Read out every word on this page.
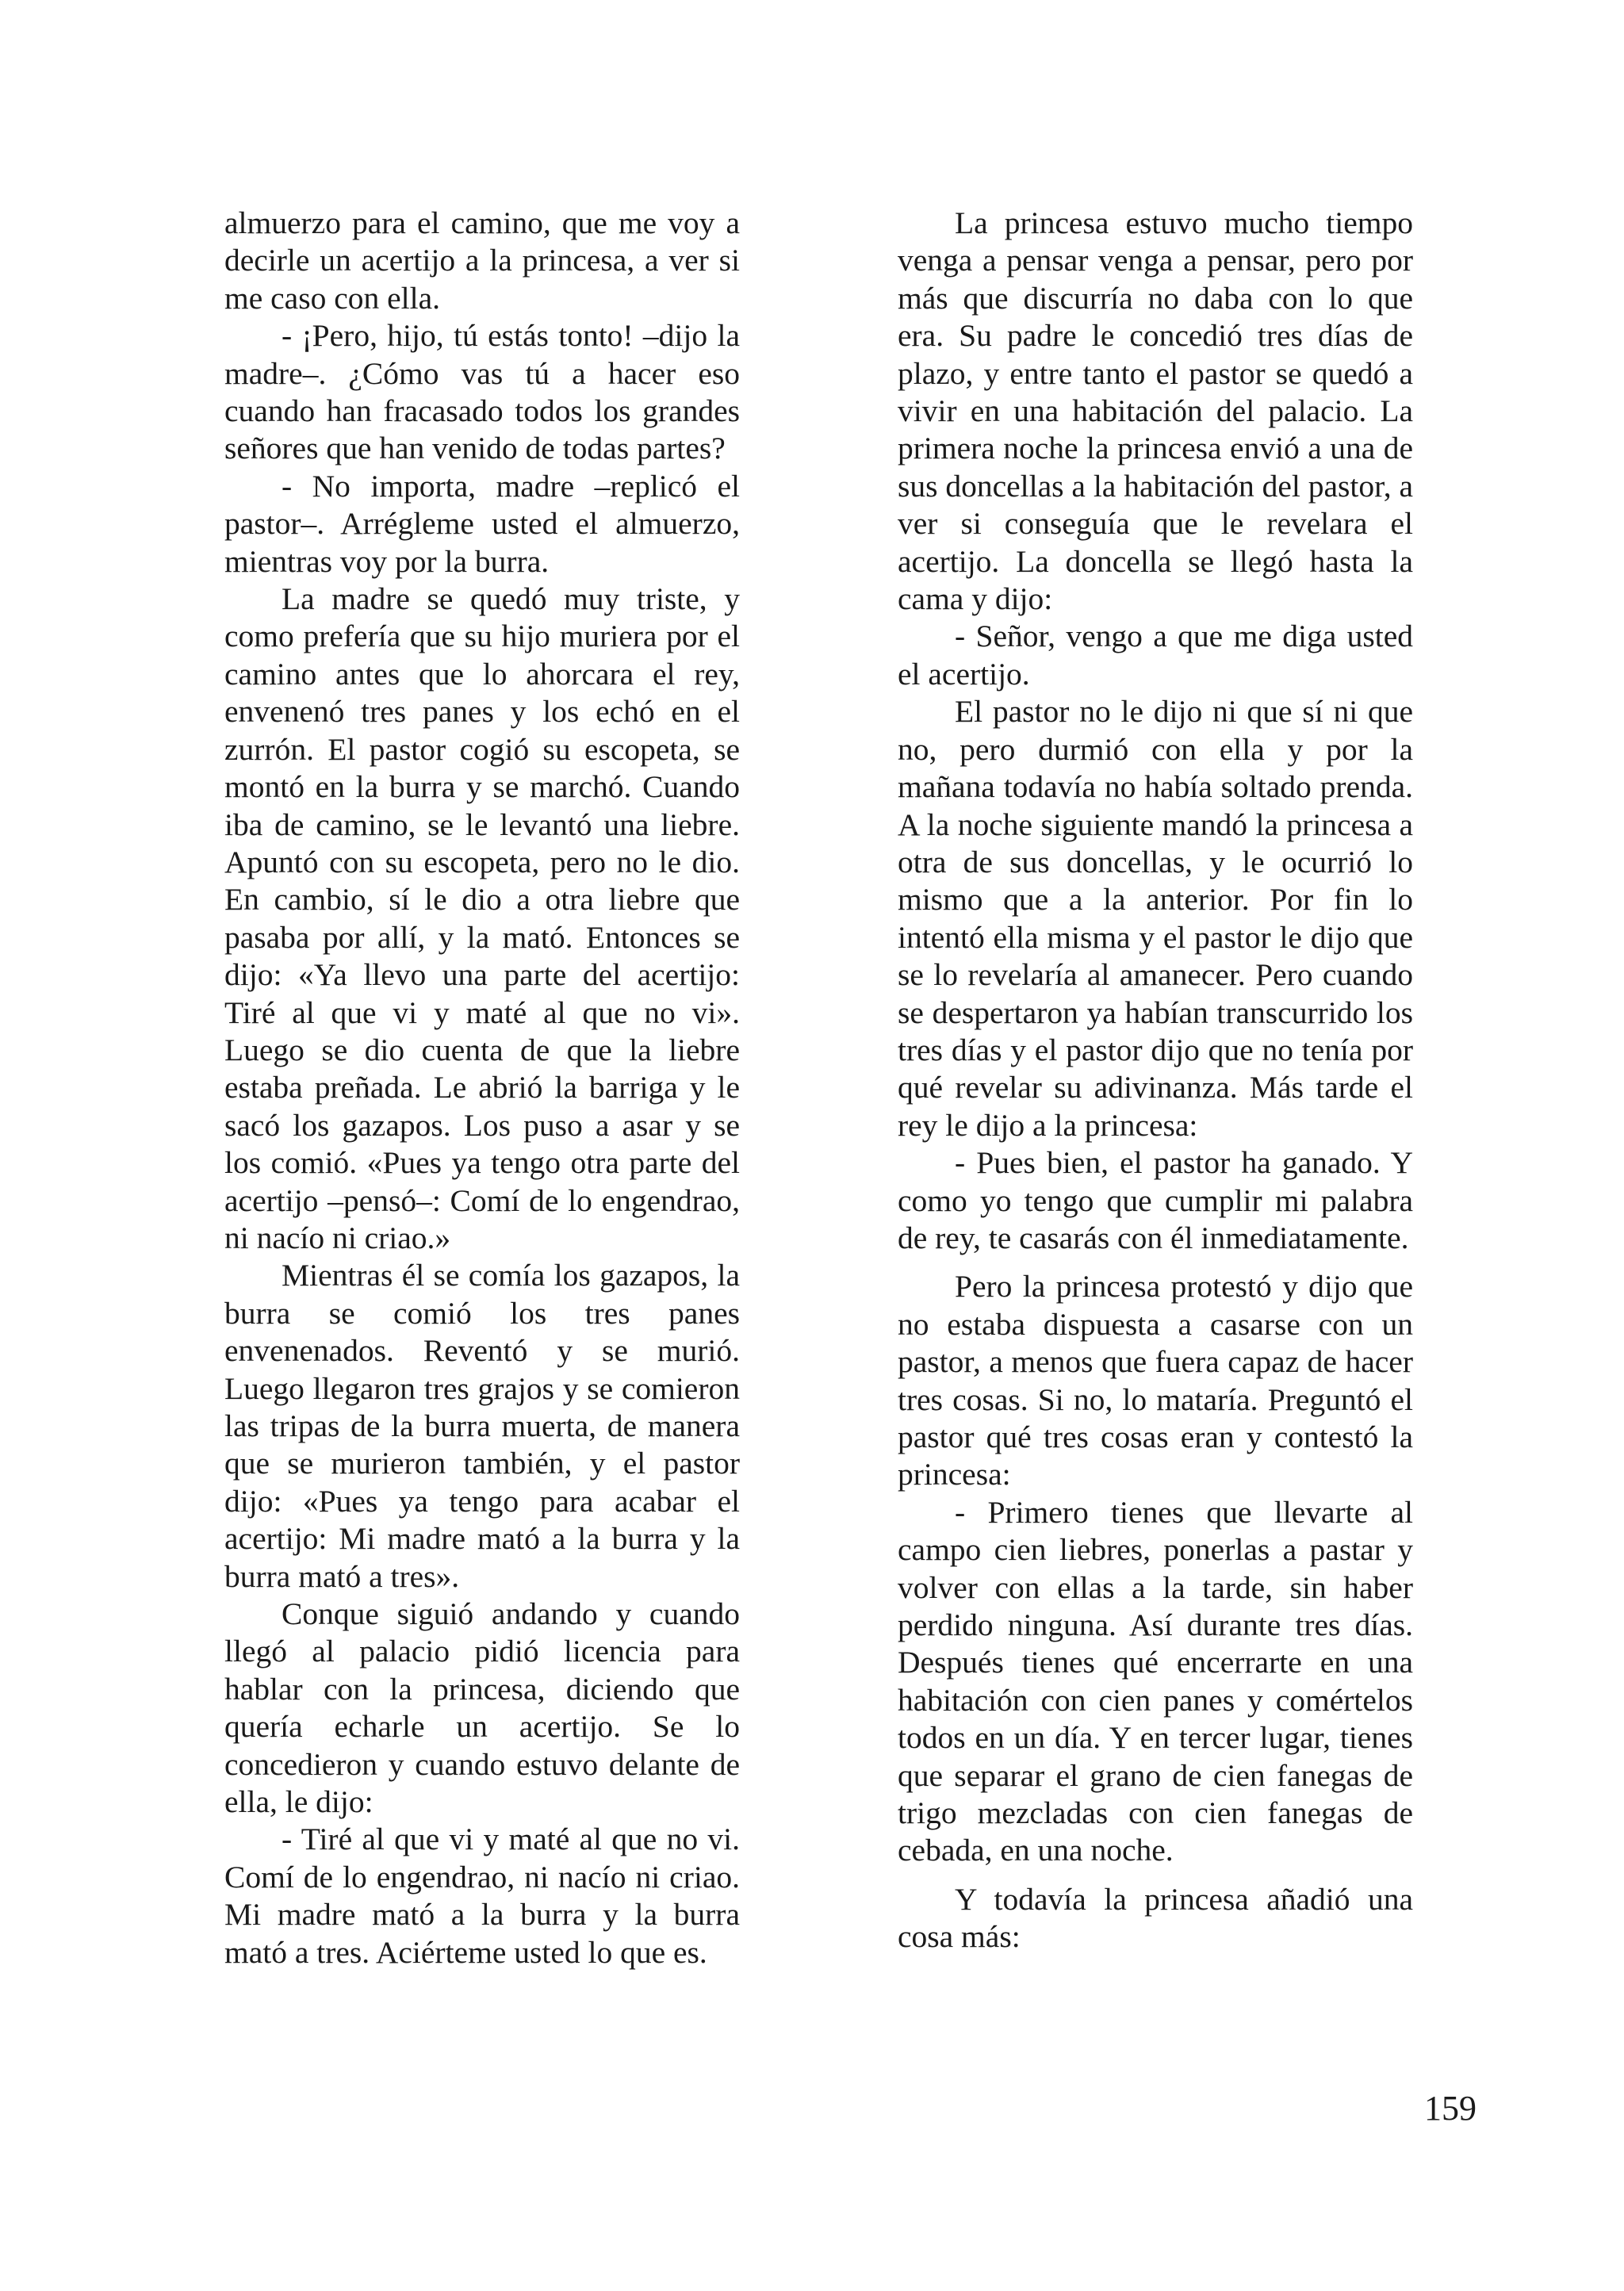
almuerzo para el camino, que me voy a decirle un acertijo a la princesa, a ver si me caso con ella.

- ¡Pero, hijo, tú estás tonto! –dijo la madre–. ¿Cómo vas tú a hacer eso cuando han fracasado todos los grandes señores que han venido de todas partes?

- No importa, madre –replicó el pastor–. Arrégleme usted el almuerzo, mientras voy por la burra.

La madre se quedó muy triste, y como prefería que su hijo muriera por el camino antes que lo ahorcara el rey, envenenó tres panes y los echó en el zurrón. El pastor cogió su escopeta, se montó en la burra y se marchó. Cuando iba de camino, se le levantó una liebre. Apuntó con su escopeta, pero no le dio. En cambio, sí le dio a otra liebre que pasaba por allí, y la mató. Entonces se dijo: «Ya llevo una parte del acertijo: Tiré al que vi y maté al que no vi». Luego se dio cuenta de que la liebre estaba preñada. Le abrió la barriga y le sacó los gazapos. Los puso a asar y se los comió. «Pues ya tengo otra parte del acertijo –pensó–: Comí de lo engendrao, ni nacío ni criao.»

Mientras él se comía los gazapos, la burra se comió los tres panes envenenados. Reventó y se murió. Luego llegaron tres grajos y se comieron las tripas de la burra muerta, de manera que se murieron también, y el pastor dijo: «Pues ya tengo para acabar el acertijo: Mi madre mató a la burra y la burra mató a tres».

Conque siguió andando y cuando llegó al palacio pidió licencia para hablar con la princesa, diciendo que quería echarle un acertijo. Se lo concedieron y cuando estuvo delante de ella, le dijo:

- Tiré al que vi y maté al que no vi. Comí de lo engendrao, ni nacío ni criao. Mi madre mató a la burra y la burra mató a tres. Aciérteme usted lo que es.

La princesa estuvo mucho tiempo venga a pensar venga a pensar, pero por más que discurría no daba con lo que era. Su padre le concedió tres días de plazo, y entre tanto el pastor se quedó a vivir en una habitación del palacio. La primera noche la princesa envió a una de sus doncellas a la habitación del pastor, a ver si conseguía que le revelara el acertijo. La doncella se llegó hasta la cama y dijo:

- Señor, vengo a que me diga usted el acertijo.

El pastor no le dijo ni que sí ni que no, pero durmió con ella y por la mañana todavía no había soltado prenda. A la noche siguiente mandó la princesa a otra de sus doncellas, y le ocurrió lo mismo que a la anterior. Por fin lo intentó ella misma y el pastor le dijo que se lo revelaría al amanecer. Pero cuando se despertaron ya habían transcurrido los tres días y el pastor dijo que no tenía por qué revelar su adivinanza. Más tarde el rey le dijo a la princesa:

- Pues bien, el pastor ha ganado. Y como yo tengo que cumplir mi palabra de rey, te casarás con él inmediatamente.

Pero la princesa protestó y dijo que no estaba dispuesta a casarse con un pastor, a menos que fuera capaz de hacer tres cosas. Si no, lo mataría. Preguntó el pastor qué tres cosas eran y contestó la princesa:

- Primero tienes que llevarte al campo cien liebres, ponerlas a pastar y volver con ellas a la tarde, sin haber perdido ninguna. Así durante tres días. Después tienes qué encerrarte en una habitación con cien panes y comértelos todos en un día. Y en tercer lugar, tienes que separar el grano de cien fanegas de trigo mezcladas con cien fanegas de cebada, en una noche.

Y todavía la princesa añadió una cosa más:

159
